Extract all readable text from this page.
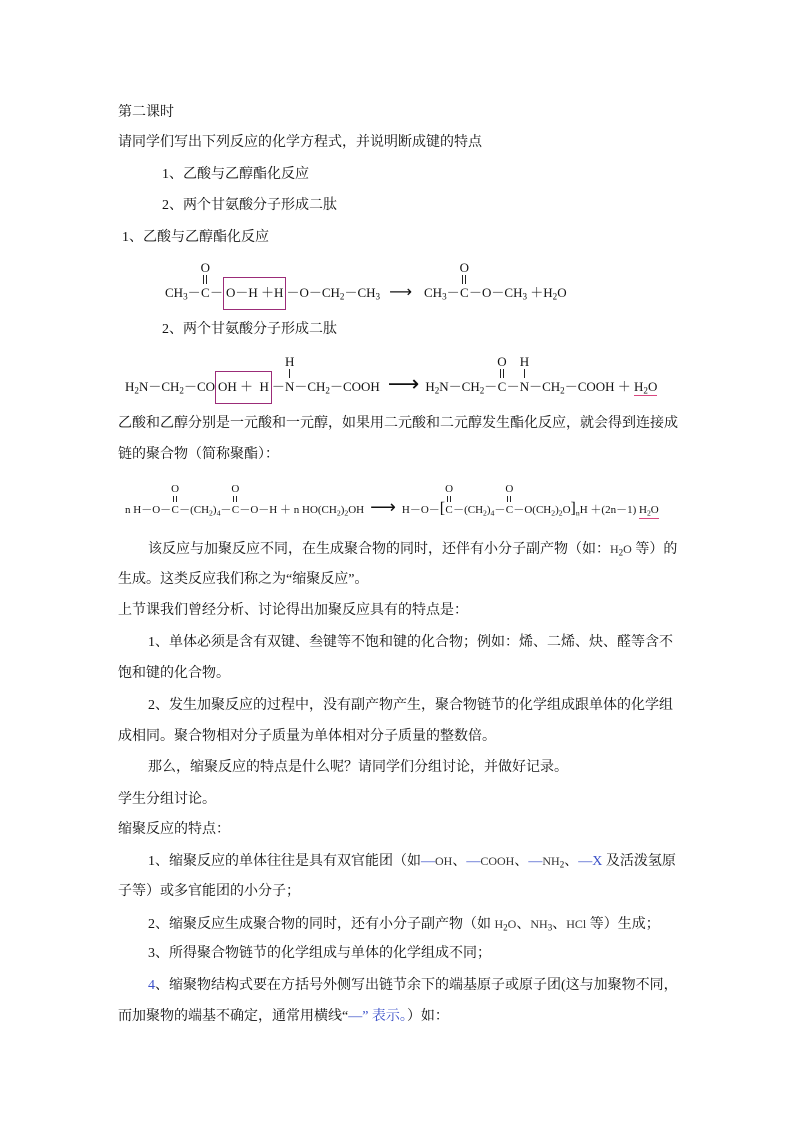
第二课时
请同学们写出下列反应的化学方程式，并说明断成键的特点
1、乙酸与乙醇酯化反应
2、两个甘氨酸分子形成二肽
1、乙酸与乙醇酯化反应
$CH_3-$
O
$C - O-H +H -O-CH_2-CH_3$ ⟶ $CH_3-$
O
$C -O-CH_3 +H_2O$
2、两个甘氨酸分子形成二肽
$H_2N-CH_2-CO$ OH ＋  H －
H
$N -CH_2-COOH$ ⟶ $H_2N-CH_2-$
O
C －
H
$N -CH_2-COOH + H_2O$
乙酸和乙醇分别是一元酸和一元醇，如果用二元酸和二元醇发生酯化反应，就会得到连接成
链的聚合物（简称聚酯）：
n H－O－
O
$C -(CH_2)_4-$
O
C －O－H ＋ n $HO(CH_2)_2OH$ ⟶ H－O－[
O
$C -(CH_2)_4-$
O
$C -O(CH_2)_2O]_nH +(2n-1)$ $H_2O$
该反应与加聚反应不同，在生成聚合物的同时，还伴有小分子副产物（如：$H_2O$ 等）的
生成。这类反应我们称之为“缩聚反应”。
上节课我们曾经分析、讨论得出加聚反应具有的特点是：
1、单体必须是含有双键、叁键等不饱和键的化合物；例如：烯、二烯、炔、醛等含不
饱和键的化合物。
2、发生加聚反应的过程中，没有副产物产生，聚合物链节的化学组成跟单体的化学组
成相同。聚合物相对分子质量为单体相对分子质量的整数倍。
那么，缩聚反应的特点是什么呢？请同学们分组讨论，并做好记录。
学生分组讨论。
缩聚反应的特点：
1、缩聚反应的单体往往是具有双官能团（如—OH、—COOH、$—NH_2$、—X 及活泼氢原
子等）或多官能团的小分子；
2、缩聚反应生成聚合物的同时，还有小分子副产物（如 $H_2O$、$NH_3$、HCl 等）生成；
3、所得聚合物链节的化学组成与单体的化学组成不同；
4、缩聚物结构式要在方括号外侧写出链节余下的端基原子或原子团(这与加聚物不同，
而加聚物的端基不确定，通常用横线“—” 表示。）如：
